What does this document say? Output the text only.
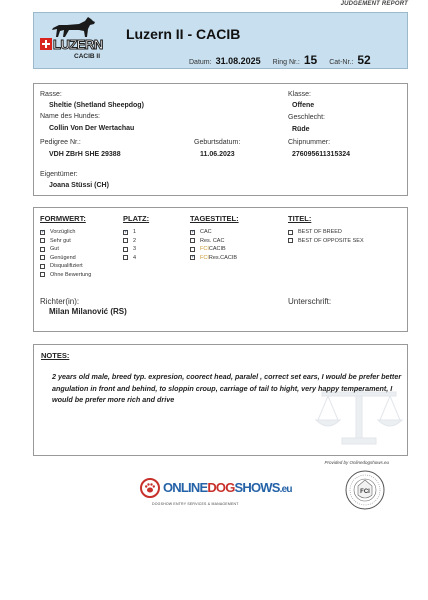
JUDGEMENT REPORT
LUZERN
CACIB II
Luzern II - CACIB
Datum: 31.08.2025 Ring Nr.: 15 Cat-Nr.: 52
Rasse:
Sheltie (Shetland Sheepdog)
Klasse:
Offene
Name des Hundes:
Collin Von Der Wertachau
Geschlecht:
Rüde
Pedigree Nr.:
VDH ZBrH SHE 29388
Geburtsdatum:
11.06.2023
Chipnummer:
276095611315324
Eigentümer:
Joana Stüssi (CH)
FORMWERT:
✓
Vorzüglich
Sehr gut
Gut
Genügend
Disqualifiziert
Ohne Bewertung
PLATZ:
✓
1
2
3
4
TAGESTITEL:
✓
CAC
Res. CAC
FCI CACIB
✓
FCI Res.CACIB
TITEL:
BEST OF BREED
BEST OF OPPOSITE SEX
Richter(in):
Milan Milanović (RS)
Unterschrift:
NOTES:

2 years old male, breed typ. expresion, coorect head, paralel , correct set ears, I would be prefer better angulation in front and behind, to sloppin croup, carriage of tail to hight, very happy temperament, I would be prefer more rich and drive

Provided by Onlinedogshows.eu
ONLINEDOGSHOWS.eu
DOGSHOW ENTRY SERVICES & MANAGEMENT
FCI
